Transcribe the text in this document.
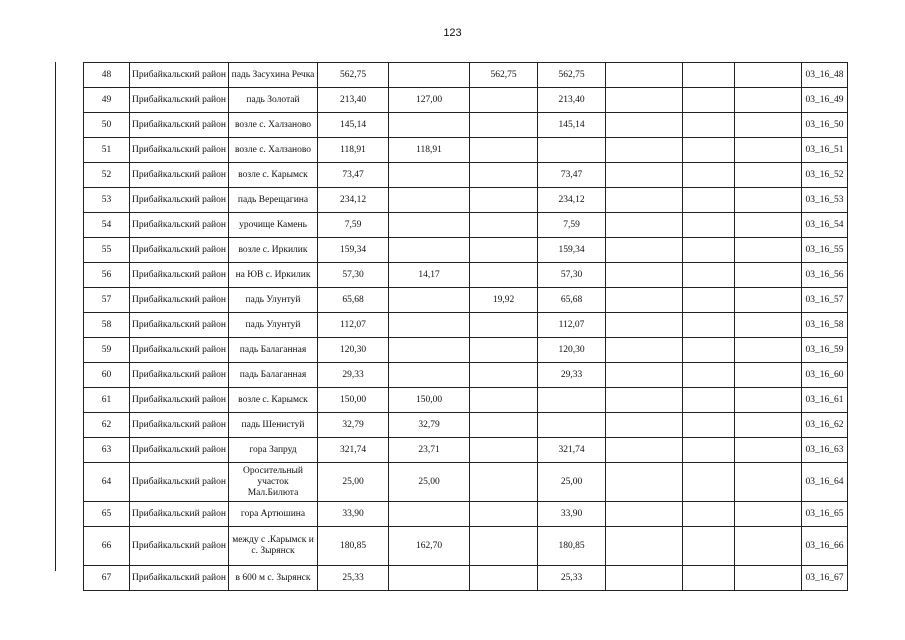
123
48	Прибайкальский район	падь Засухина Речка	562,75		562,75	562,75				03_16_48
49	Прибайкальский район	падь Золотай	213,40	127,00		213,40				03_16_49
50	Прибайкальский район	возле с. Халзаново	145,14			145,14				03_16_50
51	Прибайкальский район	возле с. Халзаново	118,91	118,91						03_16_51
52	Прибайкальский район	возле с. Карымск	73,47			73,47				03_16_52
53	Прибайкальский район	падь Верещагина	234,12			234,12				03_16_53
54	Прибайкальский район	урочище Камень	7,59			7,59				03_16_54
55	Прибайкальский район	возле с. Иркилик	159,34			159,34				03_16_55
56	Прибайкальский район	на ЮВ с. Иркилик	57,30	14,17		57,30				03_16_56
57	Прибайкальский район	падь Улунтуй	65,68		19,92	65,68				03_16_57
58	Прибайкальский район	падь Улунтуй	112,07			112,07				03_16_58
59	Прибайкальский район	падь Балаганная	120,30			120,30				03_16_59
60	Прибайкальский район	падь Балаганная	29,33			29,33				03_16_60
61	Прибайкальский район	возле с. Карымск	150,00	150,00						03_16_61
62	Прибайкальский район	падь Шенистуй	32,79	32,79						03_16_62
63	Прибайкальский район	гора Запруд	321,74	23,71		321,74				03_16_63
64	Прибайкальский район	Оросительный участок Мал.Билюта	25,00	25,00		25,00				03_16_64
65	Прибайкальский район	гора Артюшина	33,90			33,90				03_16_65
66	Прибайкальский район	между с .Карымск и с. Зырянск	180,85	162,70		180,85				03_16_66
67	Прибайкальский район	в 600 м с. Зырянск	25,33			25,33				03_16_67
